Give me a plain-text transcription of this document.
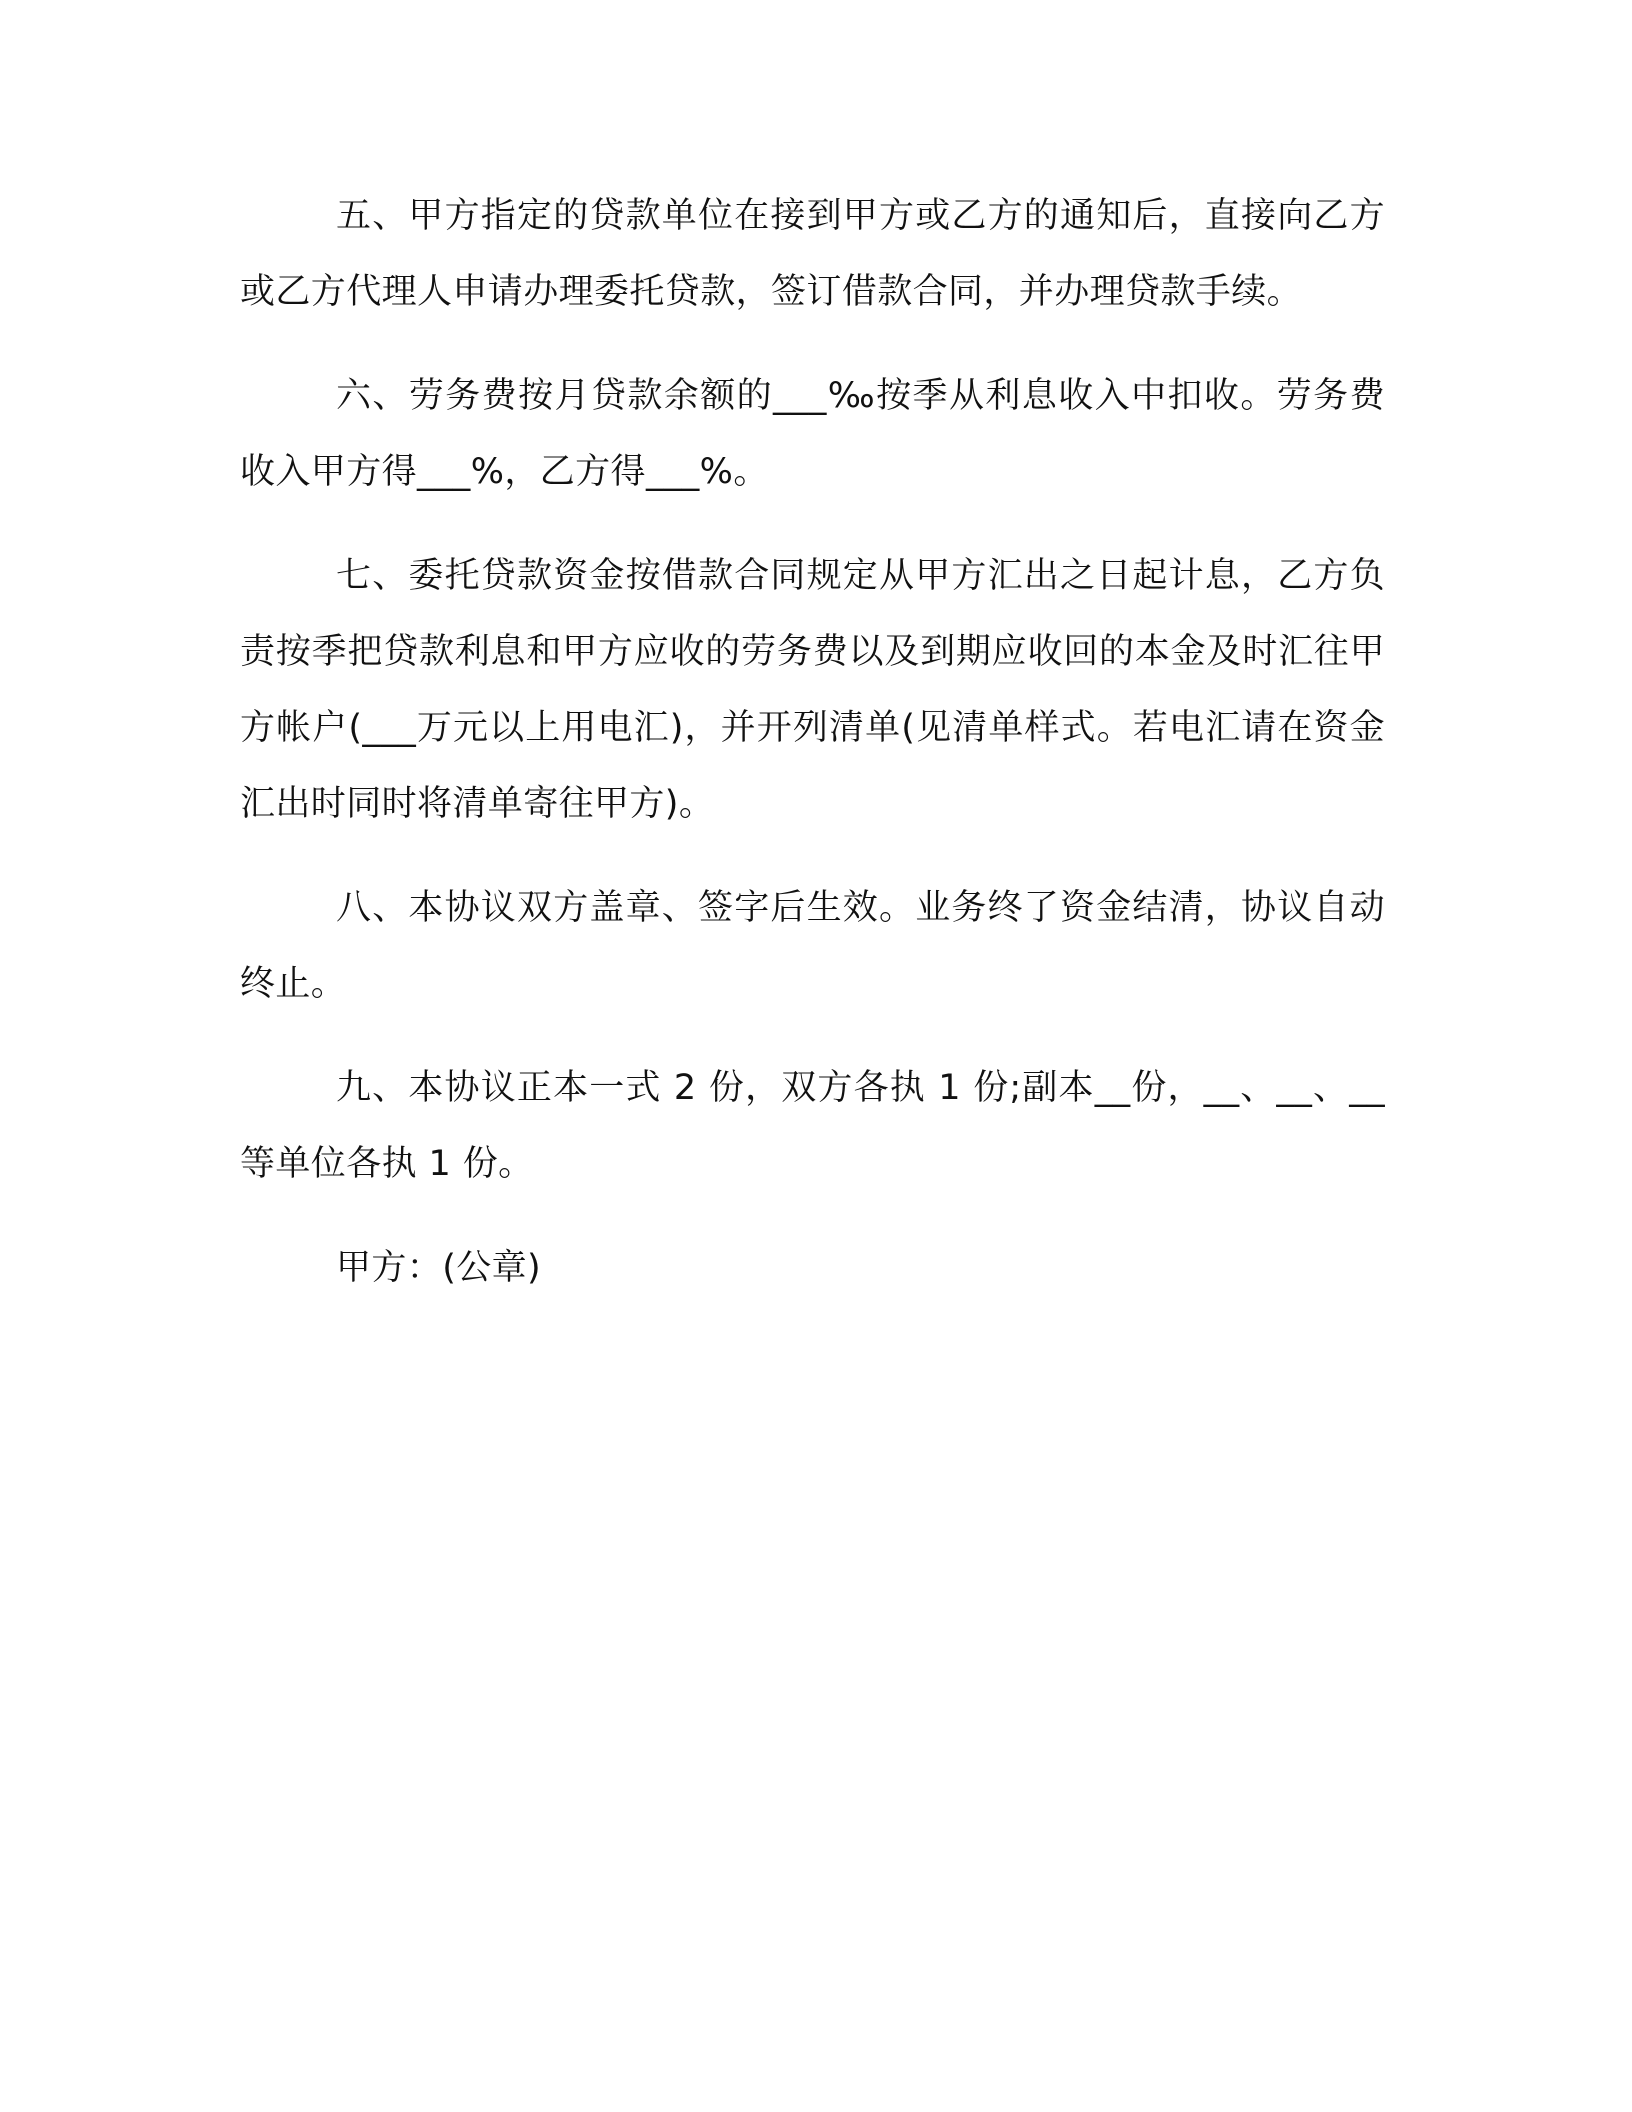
五、甲方指定的贷款单位在接到甲方或乙方的通知后，直接向乙方或乙方代理人申请办理委托贷款，签订借款合同，并办理贷款手续。

六、劳务费按月贷款余额的___‰按季从利息收入中扣收。劳务费收入甲方得___%，乙方得___%。

七、委托贷款资金按借款合同规定从甲方汇出之日起计息，乙方负责按季把贷款利息和甲方应收的劳务费以及到期应收回的本金及时汇往甲方帐户(___万元以上用电汇)，并开列清单(见清单样式。若电汇请在资金汇出时同时将清单寄往甲方)。

八、本协议双方盖章、签字后生效。业务终了资金结清，协议自动终止。

九、本协议正本一式 2 份，双方各执 1 份;副本__份，__、__、__等单位各执 1 份。

甲方：(公章)
